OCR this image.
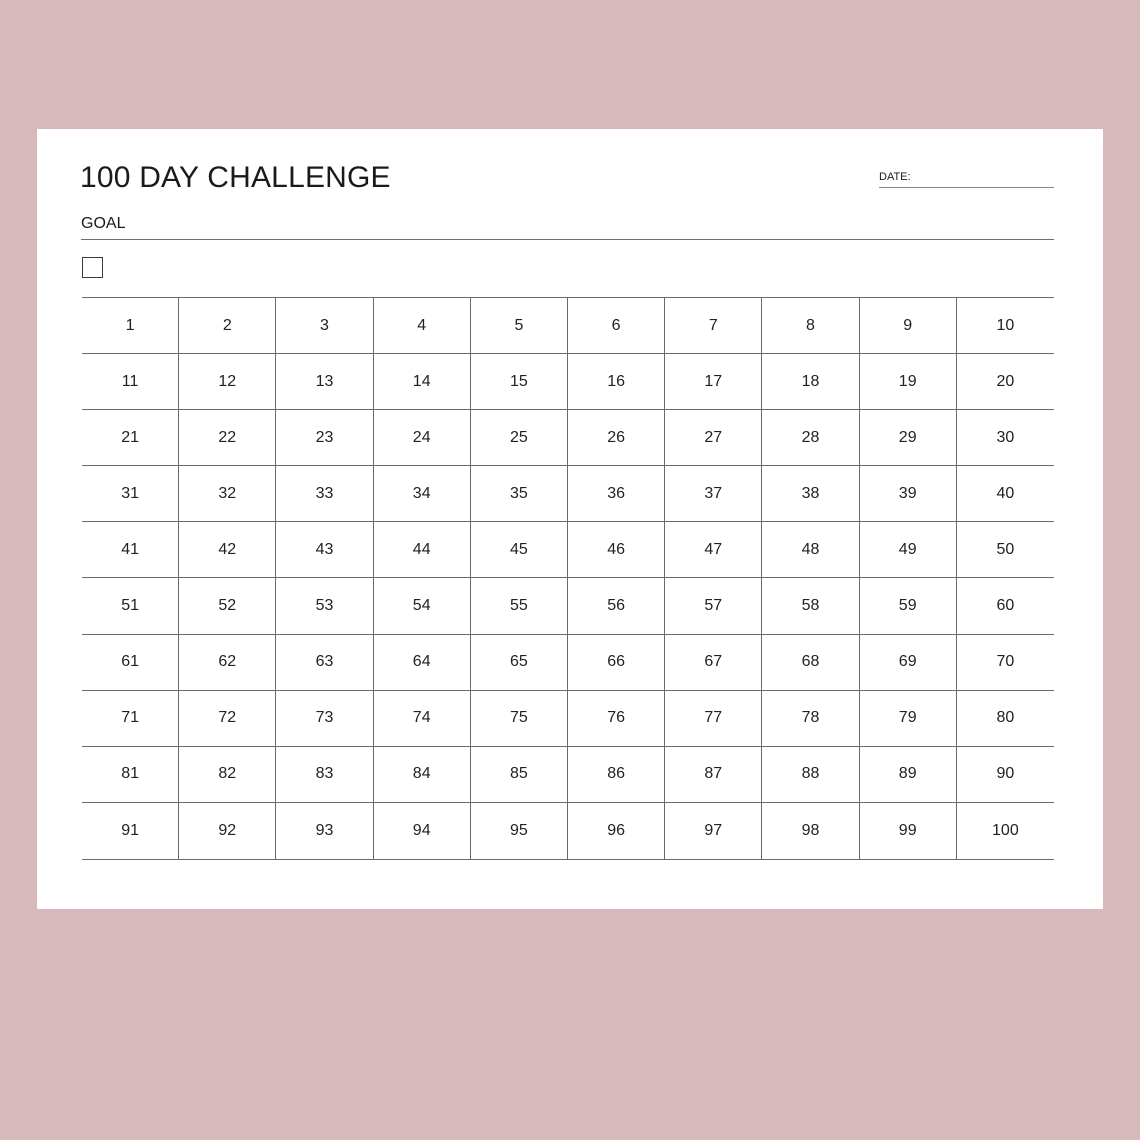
100 DAY CHALLENGE	DATE:
GOAL
1	2	3	4	5	6	7	8	9	10
11	12	13	14	15	16	17	18	19	20
21	22	23	24	25	26	27	28	29	30
31	32	33	34	35	36	37	38	39	40
41	42	43	44	45	46	47	48	49	50
51	52	53	54	55	56	57	58	59	60
61	62	63	64	65	66	67	68	69	70
71	72	73	74	75	76	77	78	79	80
81	82	83	84	85	86	87	88	89	90
91	92	93	94	95	96	97	98	99	100
